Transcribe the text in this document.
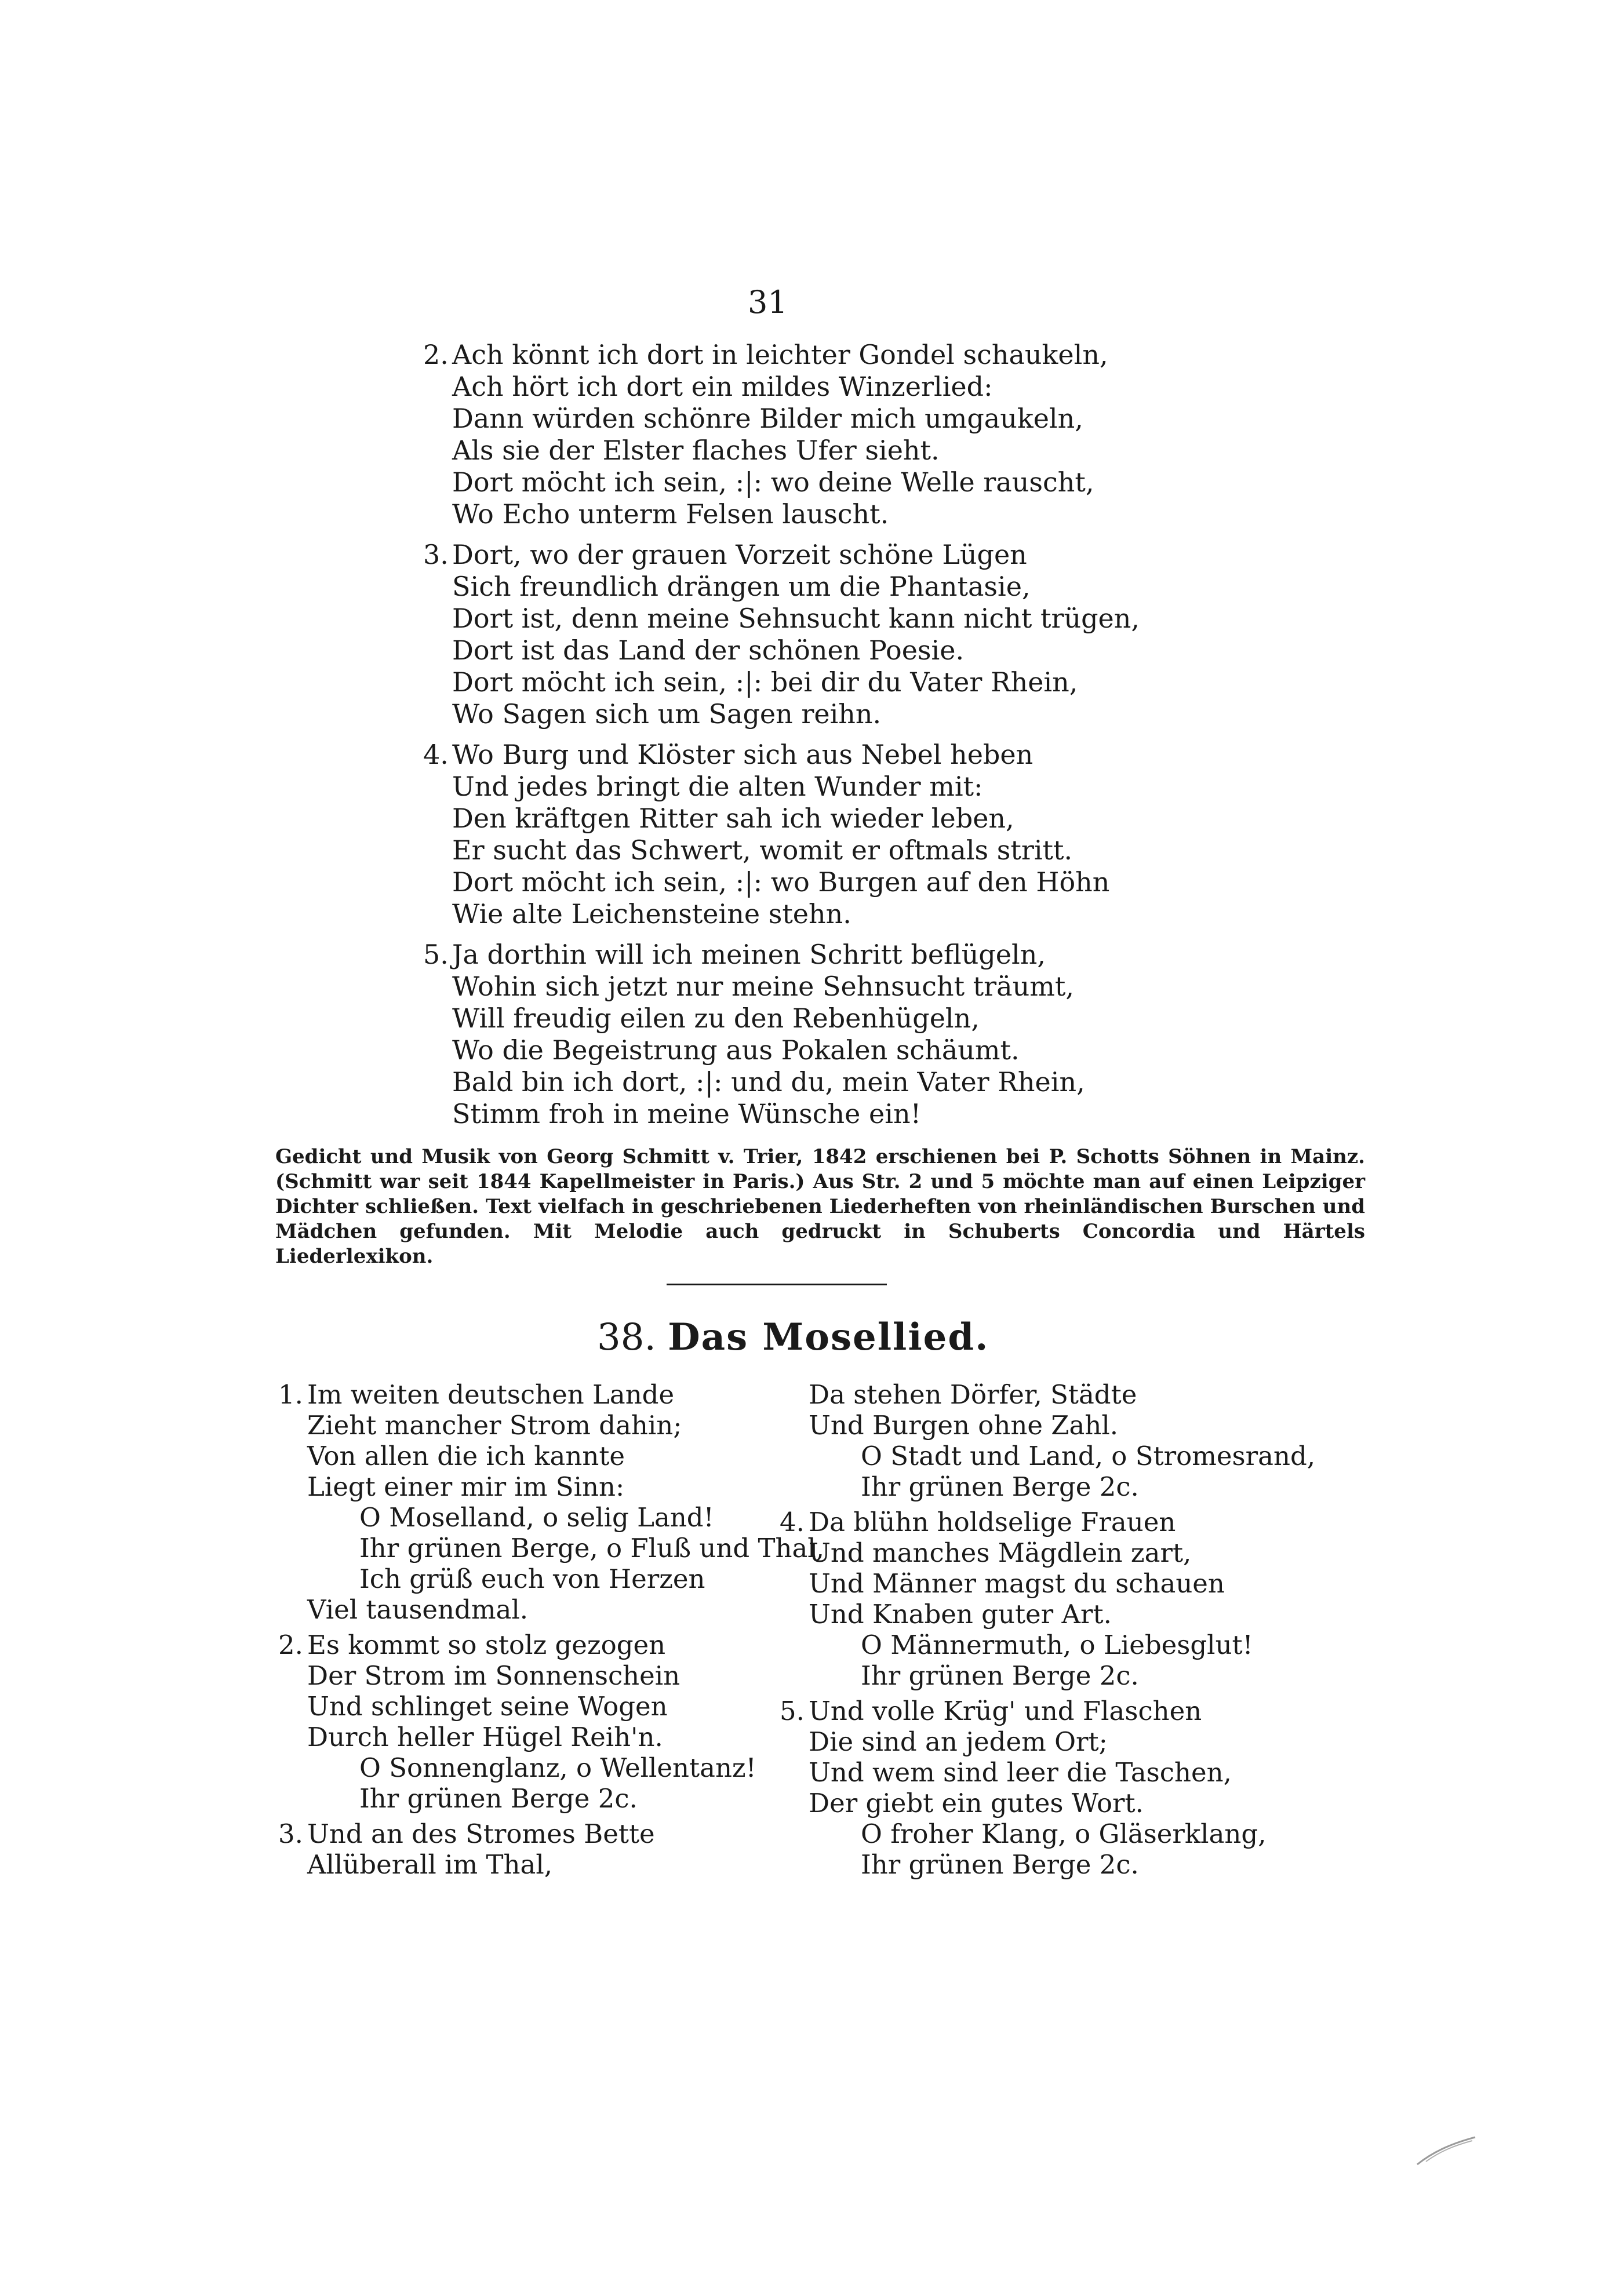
31
2. Ach könnt ich dort in leichter Gondel schaukeln,
Ach hört ich dort ein mildes Winzerlied:
Dann würden schönre Bilder mich umgaukeln,
Als sie der Elster flaches Ufer sieht.
Dort möcht ich sein, :|: wo deine Welle rauscht,
Wo Echo unterm Felsen lauscht.
3. Dort, wo der grauen Vorzeit schöne Lügen
Sich freundlich drängen um die Phantasie,
Dort ist, denn meine Sehnsucht kann nicht trügen,
Dort ist das Land der schönen Poesie.
Dort möcht ich sein, :|: bei dir du Vater Rhein,
Wo Sagen sich um Sagen reihn.
4. Wo Burg und Klöster sich aus Nebel heben
Und jedes bringt die alten Wunder mit:
Den kräftgen Ritter sah ich wieder leben,
Er sucht das Schwert, womit er oftmals stritt.
Dort möcht ich sein, :|: wo Burgen auf den Höhn
Wie alte Leichensteine stehn.
5. Ja dorthin will ich meinen Schritt beflügeln,
Wohin sich jetzt nur meine Sehnsucht träumt,
Will freudig eilen zu den Rebenhügeln,
Wo die Begeistrung aus Pokalen schäumt.
Bald bin ich dort, :|: und du, mein Vater Rhein,
Stimm froh in meine Wünsche ein!
Gedicht und Musik von Georg Schmitt v. Trier, 1842 erschienen bei P. Schotts Söhnen in Mainz. (Schmitt war seit 1844 Kapellmeister in Paris.) Aus Str. 2 und 5 möchte man auf einen Leipziger Dichter schließen. Text vielfach in geschriebenen Liederheften von rheinländischen Burschen und Mädchen gefunden. Mit Melodie auch gedruckt in Schuberts Concordia und Härtels Liederlexikon.
38. Das Mosellied.
1. Im weiten deutschen Lande
Zieht mancher Strom dahin;
Von allen die ich kannte
Liegt einer mir im Sinn:
O Moselland, o selig Land!
Ihr grünen Berge, o Fluß und Thal,
Ich grüß euch von Herzen
Viel tausendmal.
2. Es kommt so stolz gezogen
Der Strom im Sonnenschein
Und schlinget seine Wogen
Durch heller Hügel Reih'n.
O Sonnenglanz, o Wellentanz!
Ihr grünen Berge 2c.
3. Und an des Stromes Bette
Allüberall im Thal,
Da stehen Dörfer, Städte
Und Burgen ohne Zahl.
O Stadt und Land, o Stromesrand,
Ihr grünen Berge 2c.
4. Da blühn holdselige Frauen
Und manches Mägdlein zart,
Und Männer magst du schauen
Und Knaben guter Art.
O Männermuth, o Liebesglut!
Ihr grünen Berge 2c.
5. Und volle Krüg' und Flaschen
Die sind an jedem Ort;
Und wem sind leer die Taschen,
Der giebt ein gutes Wort.
O froher Klang, o Gläserklang,
Ihr grünen Berge 2c.
